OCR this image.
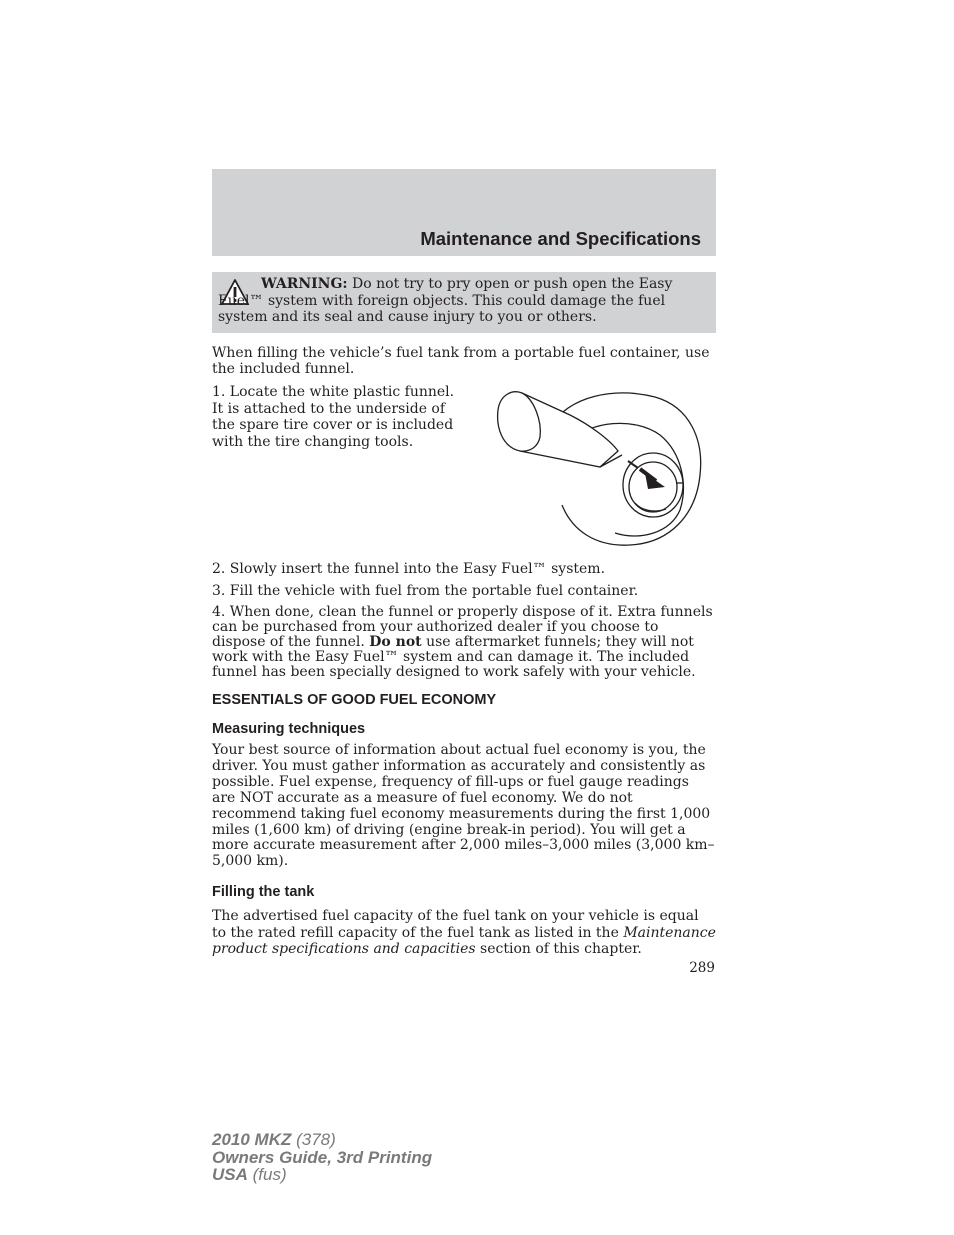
Maintenance and Specifications
WARNING: Do not try to pry open or push open the Easy Fuel™ system with foreign objects. This could damage the fuel system and its seal and cause injury to you or others.

When filling the vehicle’s fuel tank from a portable fuel container, use the included funnel.

1. Locate the white plastic funnel. It is attached to the underside of the spare tire cover or is included with the tire changing tools.

2. Slowly insert the funnel into the Easy Fuel™ system.

3. Fill the vehicle with fuel from the portable fuel container.

4. When done, clean the funnel or properly dispose of it. Extra funnels can be purchased from your authorized dealer if you choose to dispose of the funnel. Do not use aftermarket funnels; they will not work with the Easy Fuel™ system and can damage it. The included funnel has been specially designed to work safely with your vehicle.

ESSENTIALS OF GOOD FUEL ECONOMY
Measuring techniques

Your best source of information about actual fuel economy is you, the driver. You must gather information as accurately and consistently as possible. Fuel expense, frequency of fill-ups or fuel gauge readings are NOT accurate as a measure of fuel economy. We do not recommend taking fuel economy measurements during the first 1,000 miles (1,600 km) of driving (engine break-in period). You will get a more accurate measurement after 2,000 miles–3,000 miles (3,000 km–5,000 km).

Filling the tank

The advertised fuel capacity of the fuel tank on your vehicle is equal to the rated refill capacity of the fuel tank as listed in the Maintenance product specifications and capacities section of this chapter.

289
2010 MKZ (378)
Owners Guide, 3rd Printing
USA (fus)
